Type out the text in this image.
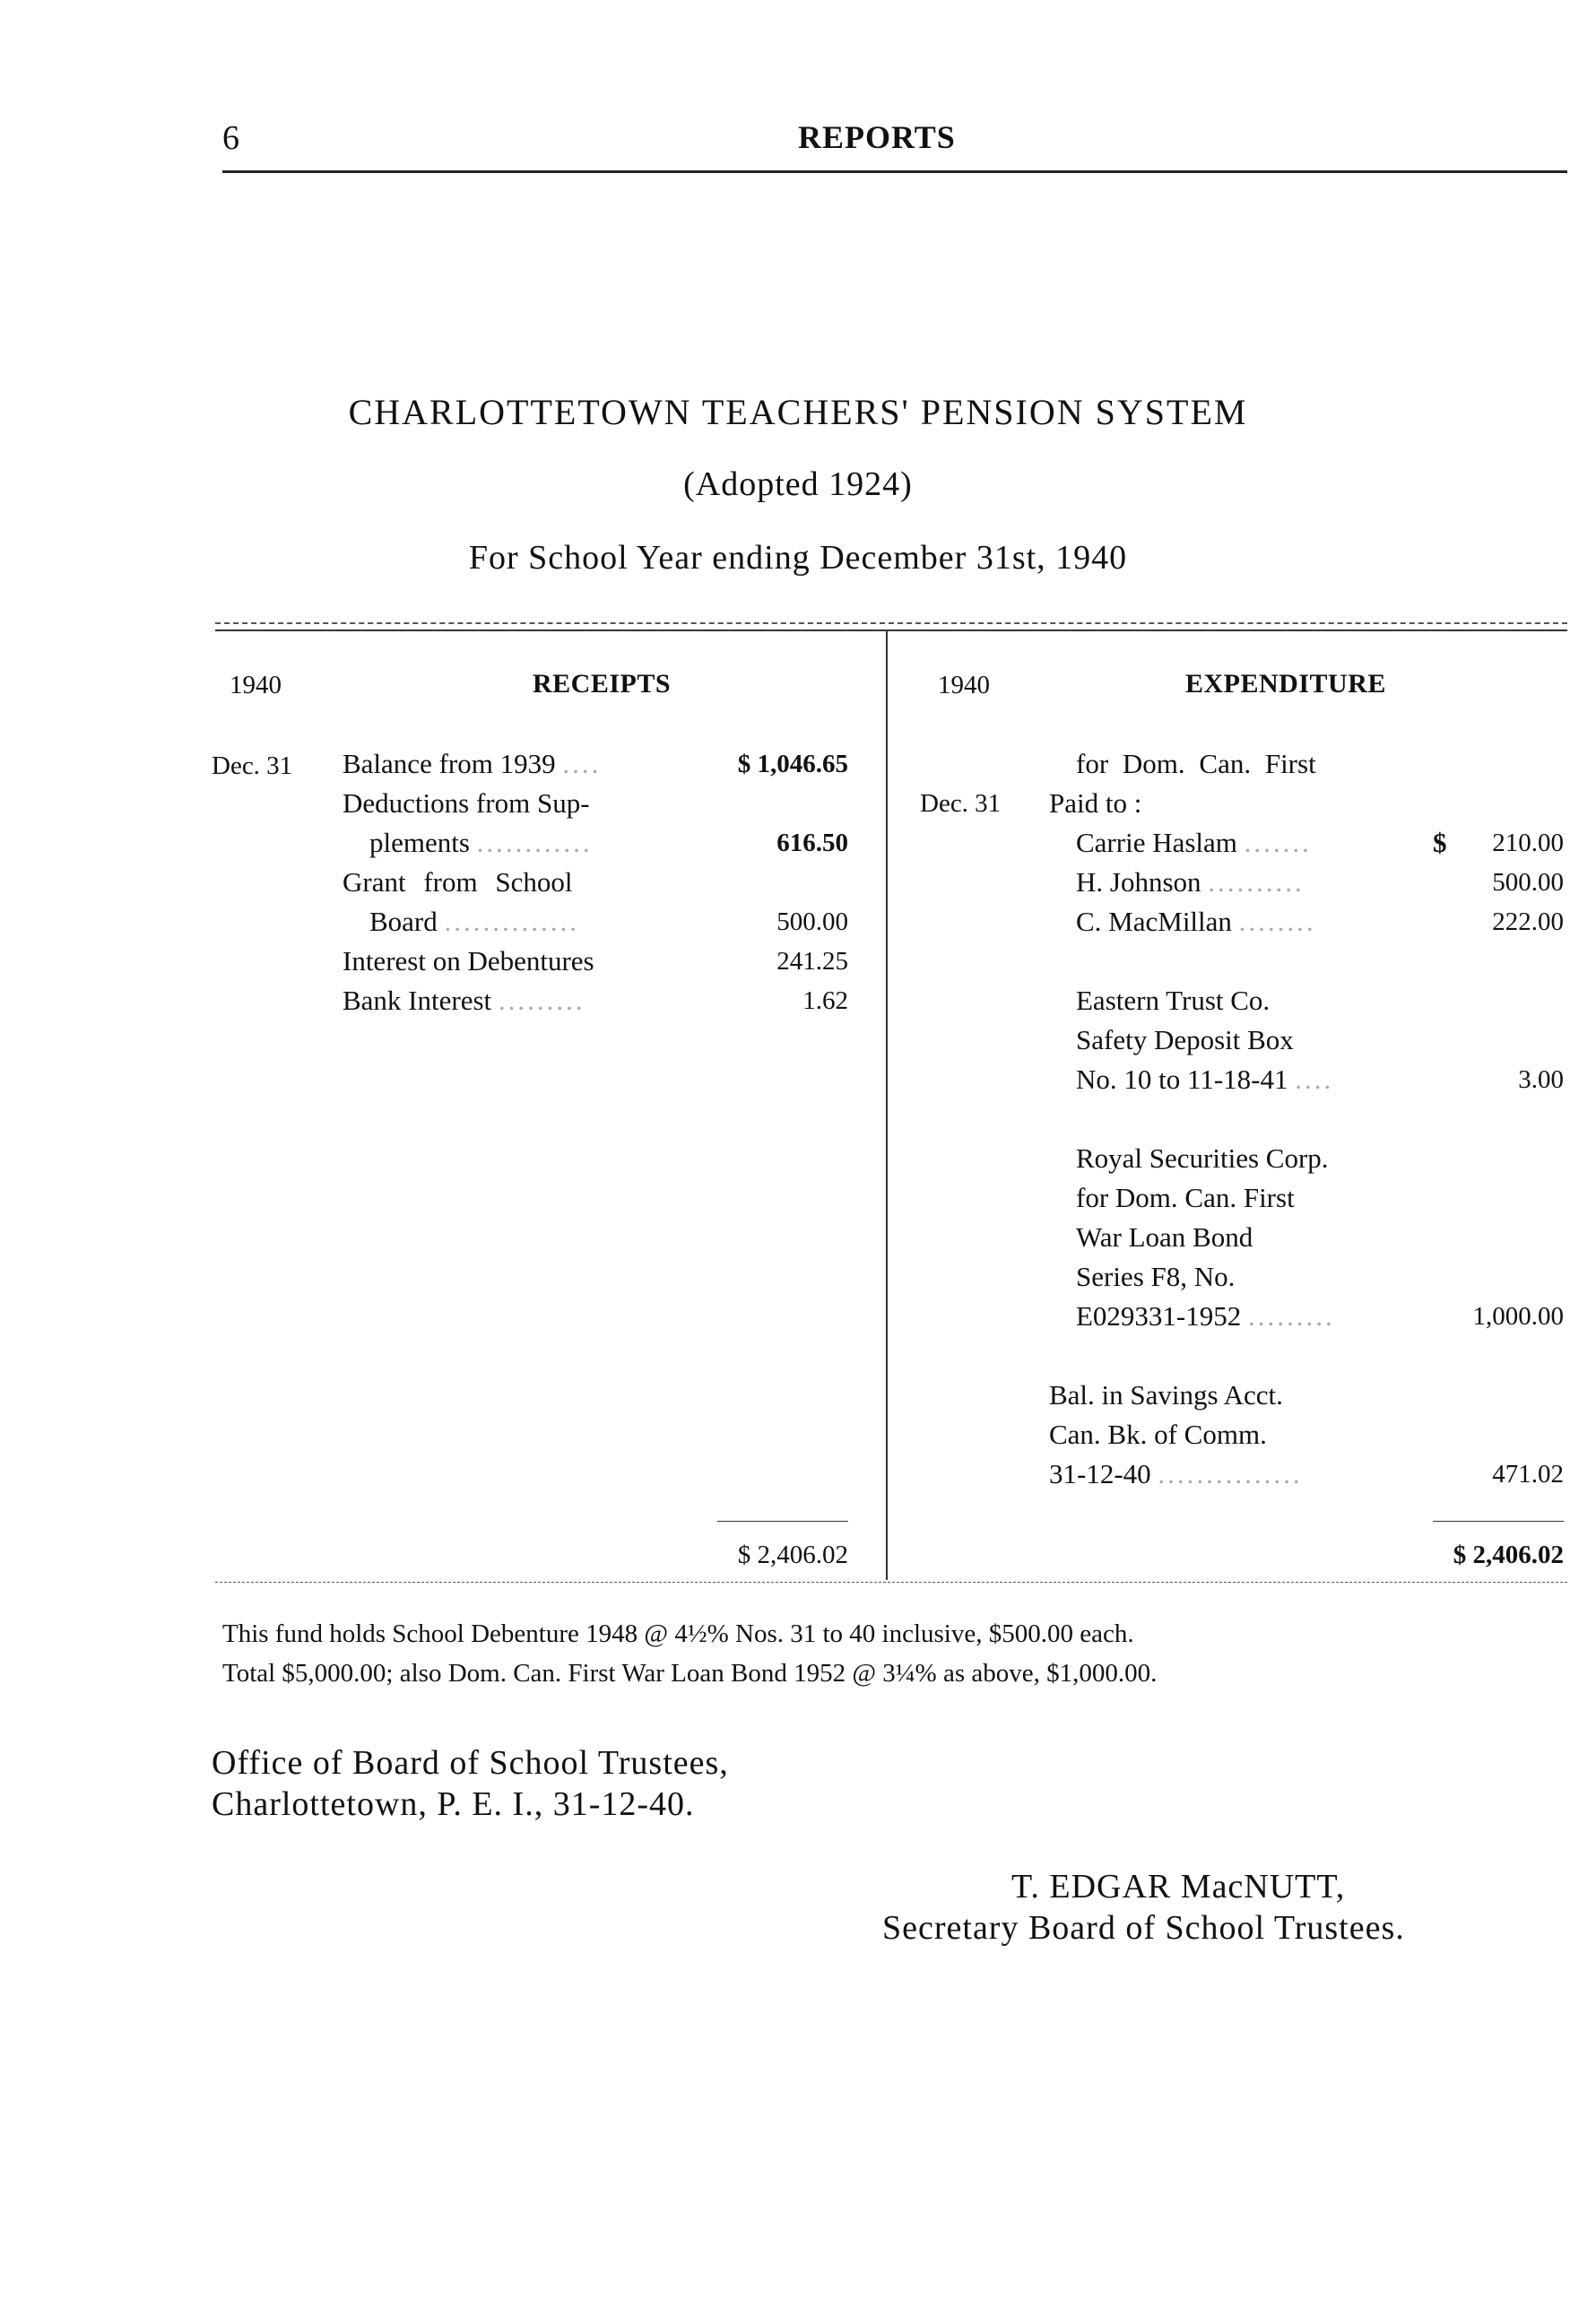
6	REPORTS
CHARLOTTETOWN TEACHERS' PENSION SYSTEM
(Adopted 1924)
For School Year ending December 31st, 1940
1940	RECEIPTS
Dec. 31 Balance from 1939 ....	$ 1,046.65
Deductions from Sup-
plements ............	616.50
Grant from School
Board ..............	500.00
Interest on Debentures	241.25
Bank Interest .........	1.62
$ 2,406.02
1940	EXPENDITURE
for Dom. Can. First
Dec. 31 Paid to :
Carrie Haslam .......	$	210.00
H. Johnson ..........	500.00
C. MacMillan ........	222.00
Eastern Trust Co.
Safety Deposit Box
No. 10 to 11-18-41 ....	3.00
Royal Securities Corp.
for Dom. Can. First
War Loan Bond
Series F8, No.
E029331-1952 .........	1,000.00
Bal. in Savings Acct.
Can. Bk. of Comm.
31-12-40 ...............	471.02
$ 2,406.02
This fund holds School Debenture 1948 @ 4½% Nos. 31 to 40 inclusive, $500.00 each.
Total $5,000.00; also Dom. Can. First War Loan Bond 1952 @ 3¼% as above, $1,000.00.
Office of Board of School Trustees,
Charlottetown, P. E. I., 31-12-40.
T. EDGAR MacNUTT,
Secretary Board of School Trustees.
